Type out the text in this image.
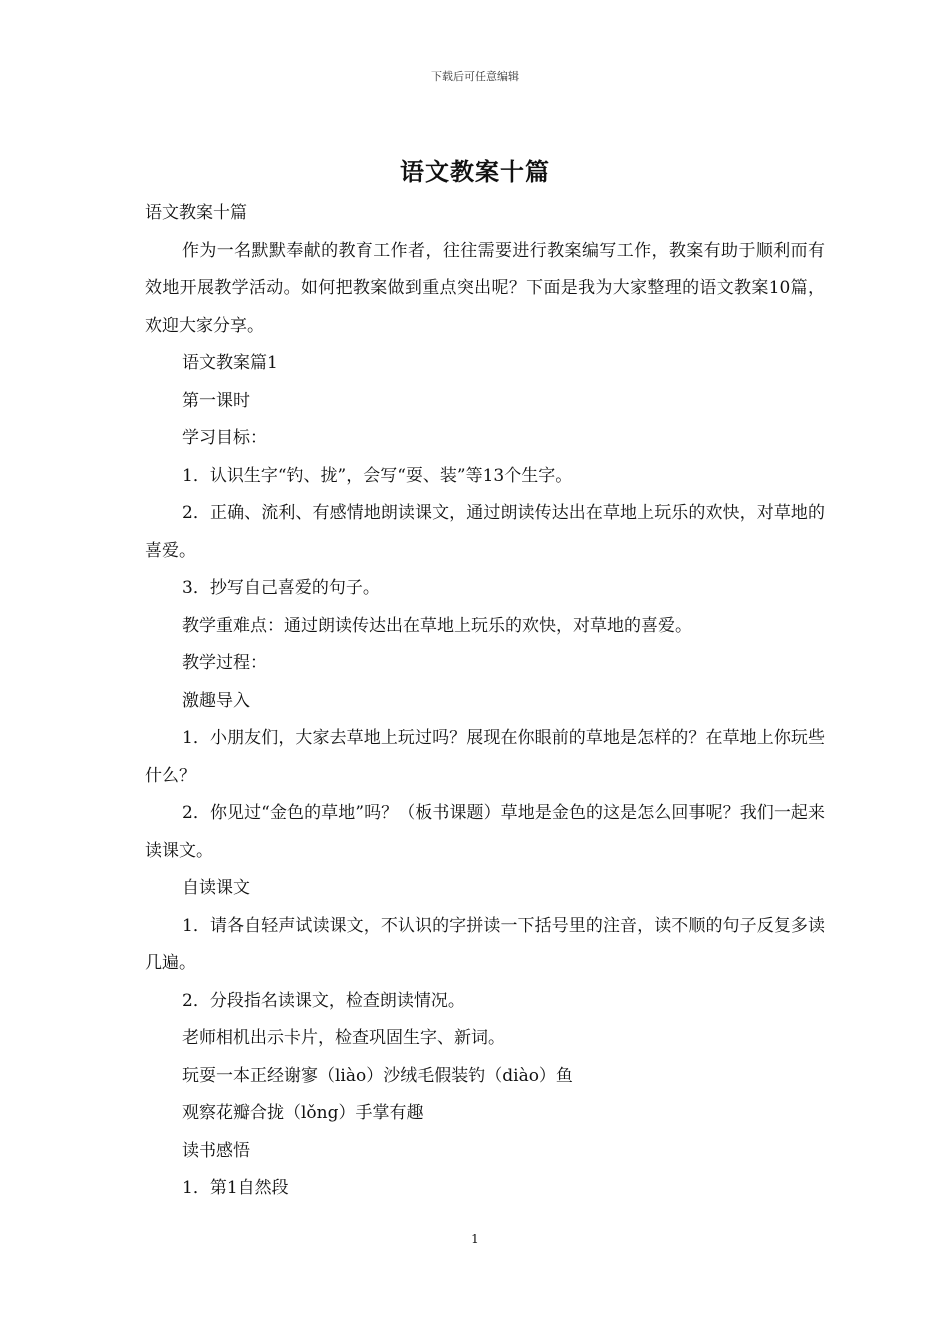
下载后可任意编辑
语文教案十篇

语文教案十篇

作为一名默默奉献的教育工作者，往往需要进行教案编写工作，教案有助于顺利而有效地开展教学活动。如何把教案做到重点突出呢？下面是我为大家整理的语文教案10篇，欢迎大家分享。

语文教案篇1

第一课时

学习目标：

1．认识生字“钓、拢”，会写“耍、装”等13个生字。

2．正确、流利、有感情地朗读课文，通过朗读传达出在草地上玩乐的欢快，对草地的喜爱。

3．抄写自己喜爱的句子。

教学重难点：通过朗读传达出在草地上玩乐的欢快，对草地的喜爱。

教学过程：

激趣导入

1．小朋友们，大家去草地上玩过吗？展现在你眼前的草地是怎样的？在草地上你玩些什么？

2．你见过“金色的草地”吗？（板书课题）草地是金色的这是怎么回事呢？我们一起来读课文。

自读课文

1．请各自轻声试读课文，不认识的字拼读一下括号里的注音，读不顺的句子反复多读几遍。

2．分段指名读课文，检查朗读情况。

老师相机出示卡片，检查巩固生字、新词。

玩耍一本正经谢寥（liào）沙绒毛假装钓（diào）鱼

观察花瓣合拢（lǒng）手掌有趣

读书感悟

1．第1自然段

1
